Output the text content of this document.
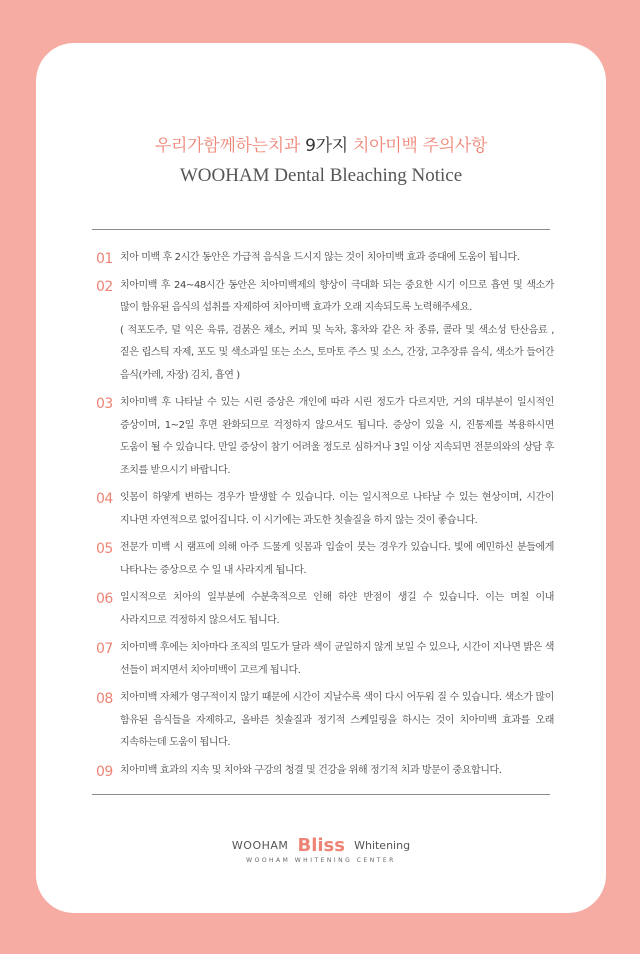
우리가함께하는치과 9가지 치아미백 주의사항
WOOHAM Dental Bleaching Notice
01 치아 미백 후 2시간 동안은 가급적 음식을 드시지 않는 것이 치아미백 효과 증대에 도움이 됩니다.
02 치아미백 후 24~48시간 동안은 치아미백제의 향상이 극대화 되는 중요한 시기 이므로 흡연 및 색소가 많이 함유된 음식의 섭취를 자제하여 치아미백 효과가 오래 지속되도록 노력해주세요.
( 적포도주, 덜 익은 육류, 검붉은 채소, 커피 및 녹차, 홍차와 같은 차 종류, 콜라 및 색소성 탄산음료 , 짙은 립스틱 자제, 포도 및 색소과일 또는 소스, 토마토 주스 및 소스, 간장, 고추장류 음식, 색소가 들어간 음식(카레, 자장) 김치, 흡연 )
03 치아미백 후 나타날 수 있는 시린 증상은 개인에 따라 시린 정도가 다르지만, 거의 대부분이 일시적인 증상이며, 1~2일 후면 완화되므로 걱정하지 않으셔도 됩니다. 증상이 있을 시, 진통제를 복용하시면 도움이 될 수 있습니다. 만일 증상이 참기 어려울 정도로 심하거나 3일 이상 지속되면 전문의와의 상담 후 조치를 받으시기 바랍니다.
04 잇몸이 하얗게 변하는 경우가 발생할 수 있습니다. 이는 일시적으로 나타날 수 있는 현상이며, 시간이 지나면 자연적으로 없어집니다. 이 시기에는 과도한 칫솔질을 하지 않는 것이 좋습니다.
05 전문가 미백 시 램프에 의해 아주 드물게 잇몸과 입술이 붓는 경우가 있습니다. 빛에 예민하신 분들에게 나타나는 증상으로 수 일 내 사라지게 됩니다.
06 일시적으로 치아의 일부분에 수분축적으로 인해 하얀 반점이 생길 수 있습니다. 이는 며칠 이내 사라지므로 걱정하지 않으셔도 됩니다.
07 치아미백 후에는 치아마다 조직의 밀도가 달라 색이 균일하지 않게 보일 수 있으나, 시간이 지나면 밝은 색 선들이 퍼지면서 치아미백이 고르게 됩니다.
08 치아미백 자체가 영구적이지 않기 때문에 시간이 지날수록 색이 다시 어두워 질 수 있습니다. 색소가 많이 함유된 음식들을 자제하고, 올바른 칫솔질과 정기적 스케일링을 하시는 것이 치아미백 효과를 오래 지속하는데 도움이 됩니다.
09 치아미백 효과의 지속 및 치아와 구강의 청결 및 건강을 위해 정기적 치과 방문이 중요합니다.
WOOHAM Bliss Whitening
WOOHAM WHITENING CENTER
